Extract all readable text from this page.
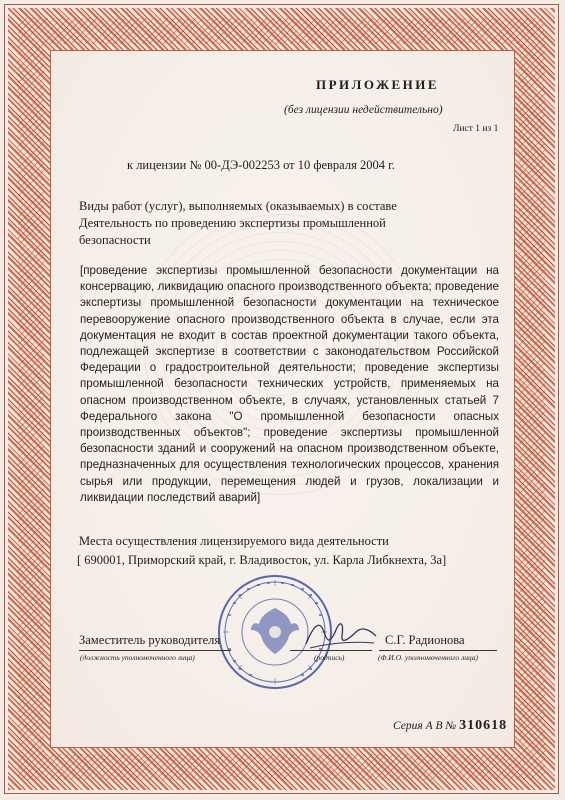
ПРИЛОЖЕНИЕ
(без лицензии недействительно)
Лист 1 из 1
к лицензии № 00-ДЭ-002253 от 10 февраля 2004 г.
Виды работ (услуг), выполняемых (оказываемых) в составе
Деятельность по проведению экспертизы промышленной
безопасности
[проведение экспертизы промышленной безопасности документации на консервацию, ликвидацию опасного производственного объекта; проведение экспертизы промышленной безопасности документации на техническое перевооружение опасного производственного объекта в случае, если эта документация не входит в состав проектной документации такого объекта, подлежащей экспертизе в соответствии с законодательством Российской Федерации о градостроительной деятельности; проведение экспертизы промышленной безопасности технических устройств, применяемых на опасном производственном объекте, в случаях, установленных статьей 7 Федерального закона "О промышленной безопасности опасных производственных объектов"; проведение экспертизы промышленной безопасности зданий и сооружений на опасном производственном объекте, предназначенных для осуществления технологических процессов, хранения сырья или продукции, перемещения людей и грузов, локализации и ликвидации последствий аварий]
Места осуществления лицензируемого вида деятельности
[ 690001, Приморский край, г. Владивосток, ул. Карла Либкнехта, 3а]
Заместитель руководителя
(должность уполномоченного лица)	(подпись)
С.Г. Радионова
(Ф.И.О. уполномоченного лица)
Серия А В № 310618
